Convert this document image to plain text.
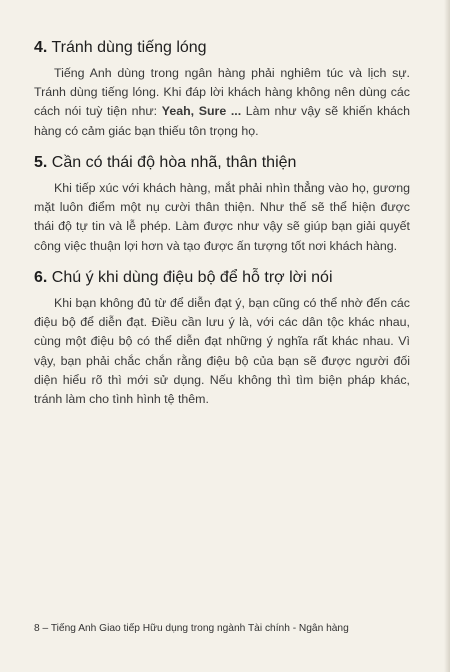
4. Tránh dùng tiếng lóng

Tiếng Anh dùng trong ngân hàng phải nghiêm túc và lịch sự. Tránh dùng tiếng lóng. Khi đáp lời khách hàng không nên dùng các cách nói tuỳ tiện như: Yeah, Sure ... Làm như vậy sẽ khiến khách hàng có cảm giác bạn thiếu tôn trọng họ.

5. Cần có thái độ hòa nhã, thân thiện

Khi tiếp xúc với khách hàng, mắt phải nhìn thẳng vào họ, gương mặt luôn điểm một nụ cười thân thiện. Như thế sẽ thể hiện được thái độ tự tin và lễ phép. Làm được như vậy sẽ giúp bạn giải quyết công việc thuận lợi hơn và tạo được ấn tượng tốt nơi khách hàng.

6. Chú ý khi dùng điệu bộ để hỗ trợ lời nói

Khi bạn không đủ từ để diễn đạt ý, bạn cũng có thể nhờ đến các điệu bộ để diễn đạt. Điều cần lưu ý là, với các dân tộc khác nhau, cùng một điệu bộ có thể diễn đạt những ý nghĩa rất khác nhau. Vì vậy, bạn phải chắc chắn rằng điệu bộ của bạn sẽ được người đối diện hiểu rõ thì mới sử dụng. Nếu không thì tìm biện pháp khác, tránh làm cho tình hình tệ thêm.

8 – Tiếng Anh Giao tiếp Hữu dụng trong ngành Tài chính - Ngân hàng
